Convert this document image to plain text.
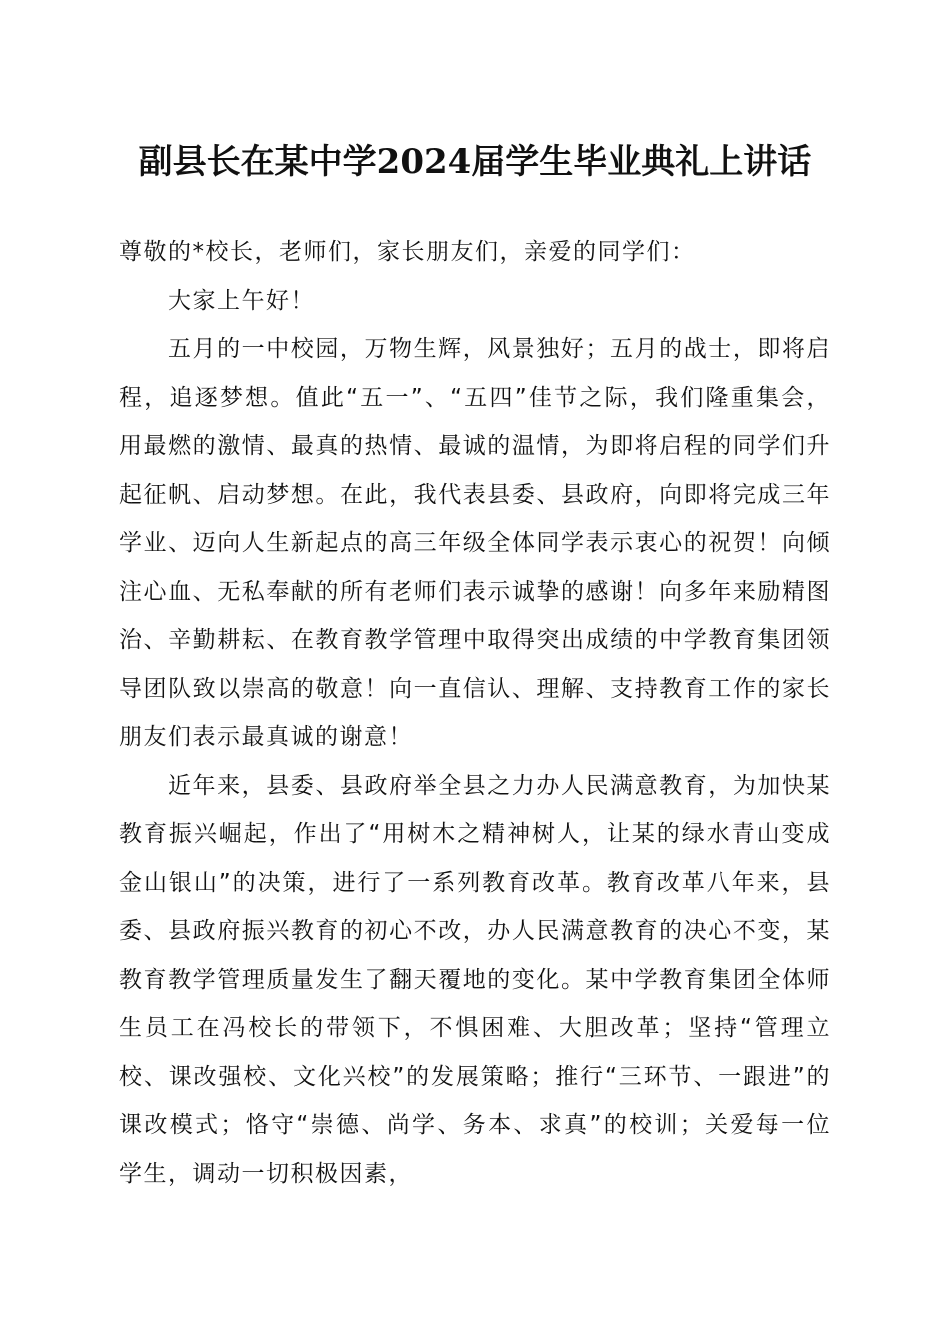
副县长在某中学2024届学生毕业典礼上讲话

尊敬的*校长，老师们，家长朋友们，亲爱的同学们：

大家上午好！

五月的一中校园，万物生辉，风景独好；五月的战士，即将启程，追逐梦想。值此“五一”、“五四”佳节之际，我们隆重集会，用最燃的激情、最真的热情、最诚的温情，为即将启程的同学们升起征帆、启动梦想。在此，我代表县委、县政府，向即将完成三年学业、迈向人生新起点的高三年级全体同学表示衷心的祝贺！向倾注心血、无私奉献的所有老师们表示诚挚的感谢！向多年来励精图治、辛勤耕耘、在教育教学管理中取得突出成绩的中学教育集团领导团队致以崇高的敬意！向一直信认、理解、支持教育工作的家长朋友们表示最真诚的谢意！

近年来，县委、县政府举全县之力办人民满意教育，为加快某教育振兴崛起，作出了“用树木之精神树人，让某的绿水青山变成金山银山”的决策，进行了一系列教育改革。教育改革八年来，县委、县政府振兴教育的初心不改，办人民满意教育的决心不变，某教育教学管理质量发生了翻天覆地的变化。某中学教育集团全体师生员工在冯校长的带领下，不惧困难、大胆改革；坚持“管理立校、课改强校、文化兴校”的发展策略；推行“三环节、一跟进”的课改模式；恪守“崇德、尚学、务本、求真”的校训；关爱每一位学生，调动一切积极因素，
